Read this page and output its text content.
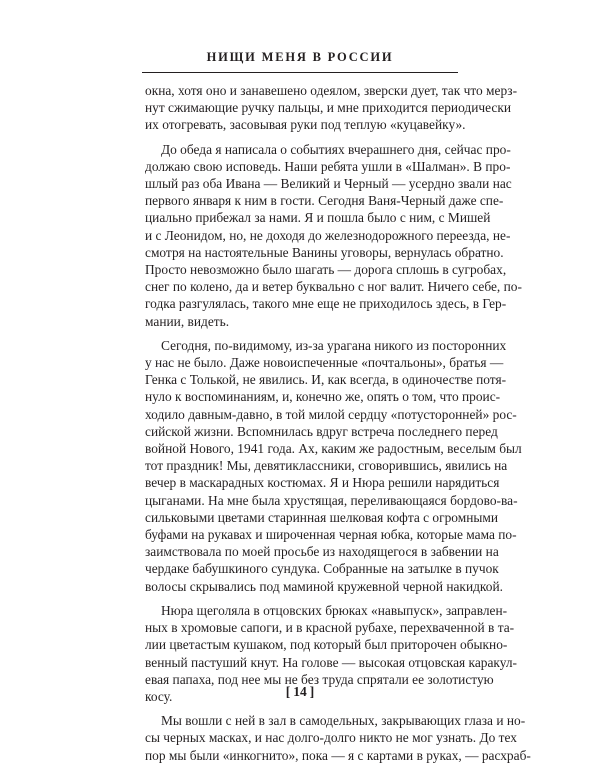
НИЩИ МЕНЯ В РОССИИ

окна, хотя оно и занавешено одеялом, зверски дует, так что мерз-
нут сжимающие ручку пальцы, и мне приходится периодически
их отогревать, засовывая руки под теплую «куцавейку».

До обеда я написала о событиях вчерашнего дня, сейчас про-
должаю свою исповедь. Наши ребята ушли в «Шалман». В про-
шлый раз оба Ивана — Великий и Черный — усердно звали нас
первого января к ним в гости. Сегодня Ваня-Черный даже спе-
циально прибежал за нами. Я и пошла было с ним, с Мишей
и с Леонидом, но, не доходя до железнодорожного переезда, не-
смотря на настоятельные Ванины уговоры, вернулась обратно.
Просто невозможно было шагать — дорога сплошь в сугробах,
снег по колено, да и ветер буквально с ног валит. Ничего себе, по-
годка разгулялась, такого мне еще не приходилось здесь, в Гер-
мании, видеть.

Сегодня, по-видимому, из-за урагана никого из посторонних
у нас не было. Даже новоиспеченные «почтальоны», братья —
Генка с Толькой, не явились. И, как всегда, в одиночестве потя-
нуло к воспоминаниям, и, конечно же, опять о том, что проис-
ходило давным-давно, в той милой сердцу «потусторонней» рос-
сийской жизни. Вспомнилась вдруг встреча последнего перед
войной Нового, 1941 года. Ах, каким же радостным, веселым был
тот праздник! Мы, девятиклассники, сговорившись, явились на
вечер в маскарадных костюмах. Я и Нюра решили нарядиться
цыганами. На мне была хрустящая, переливающаяся бордово-ва-
сильковыми цветами старинная шелковая кофта с огромными
буфами на рукавах и широченная черная юбка, которые мама по-
заимствовала по моей просьбе из находящегося в забвении на
чердаке бабушкиного сундука. Собранные на затылке в пучок
волосы скрывались под маминой кружевной черной накидкой.

Нюра щеголяла в отцовских брюках «навыпуск», заправлен-
ных в хромовые сапоги, и в красной рубахе, перехваченной в та-
лии цветастым кушаком, под который был приторочен обыкно-
венный пастуший кнут. На голове — высокая отцовская каракул-
евая папаха, под нее мы не без труда спрятали ее золотистую
косу.

Мы вошли с ней в зал в самодельных, закрывающих глаза и но-
сы черных масках, и нас долго-долго никто не мог узнать. До тех
пор мы были «инкогнито», пока — я с картами в руках, — расхраб-

[ 14 ]
